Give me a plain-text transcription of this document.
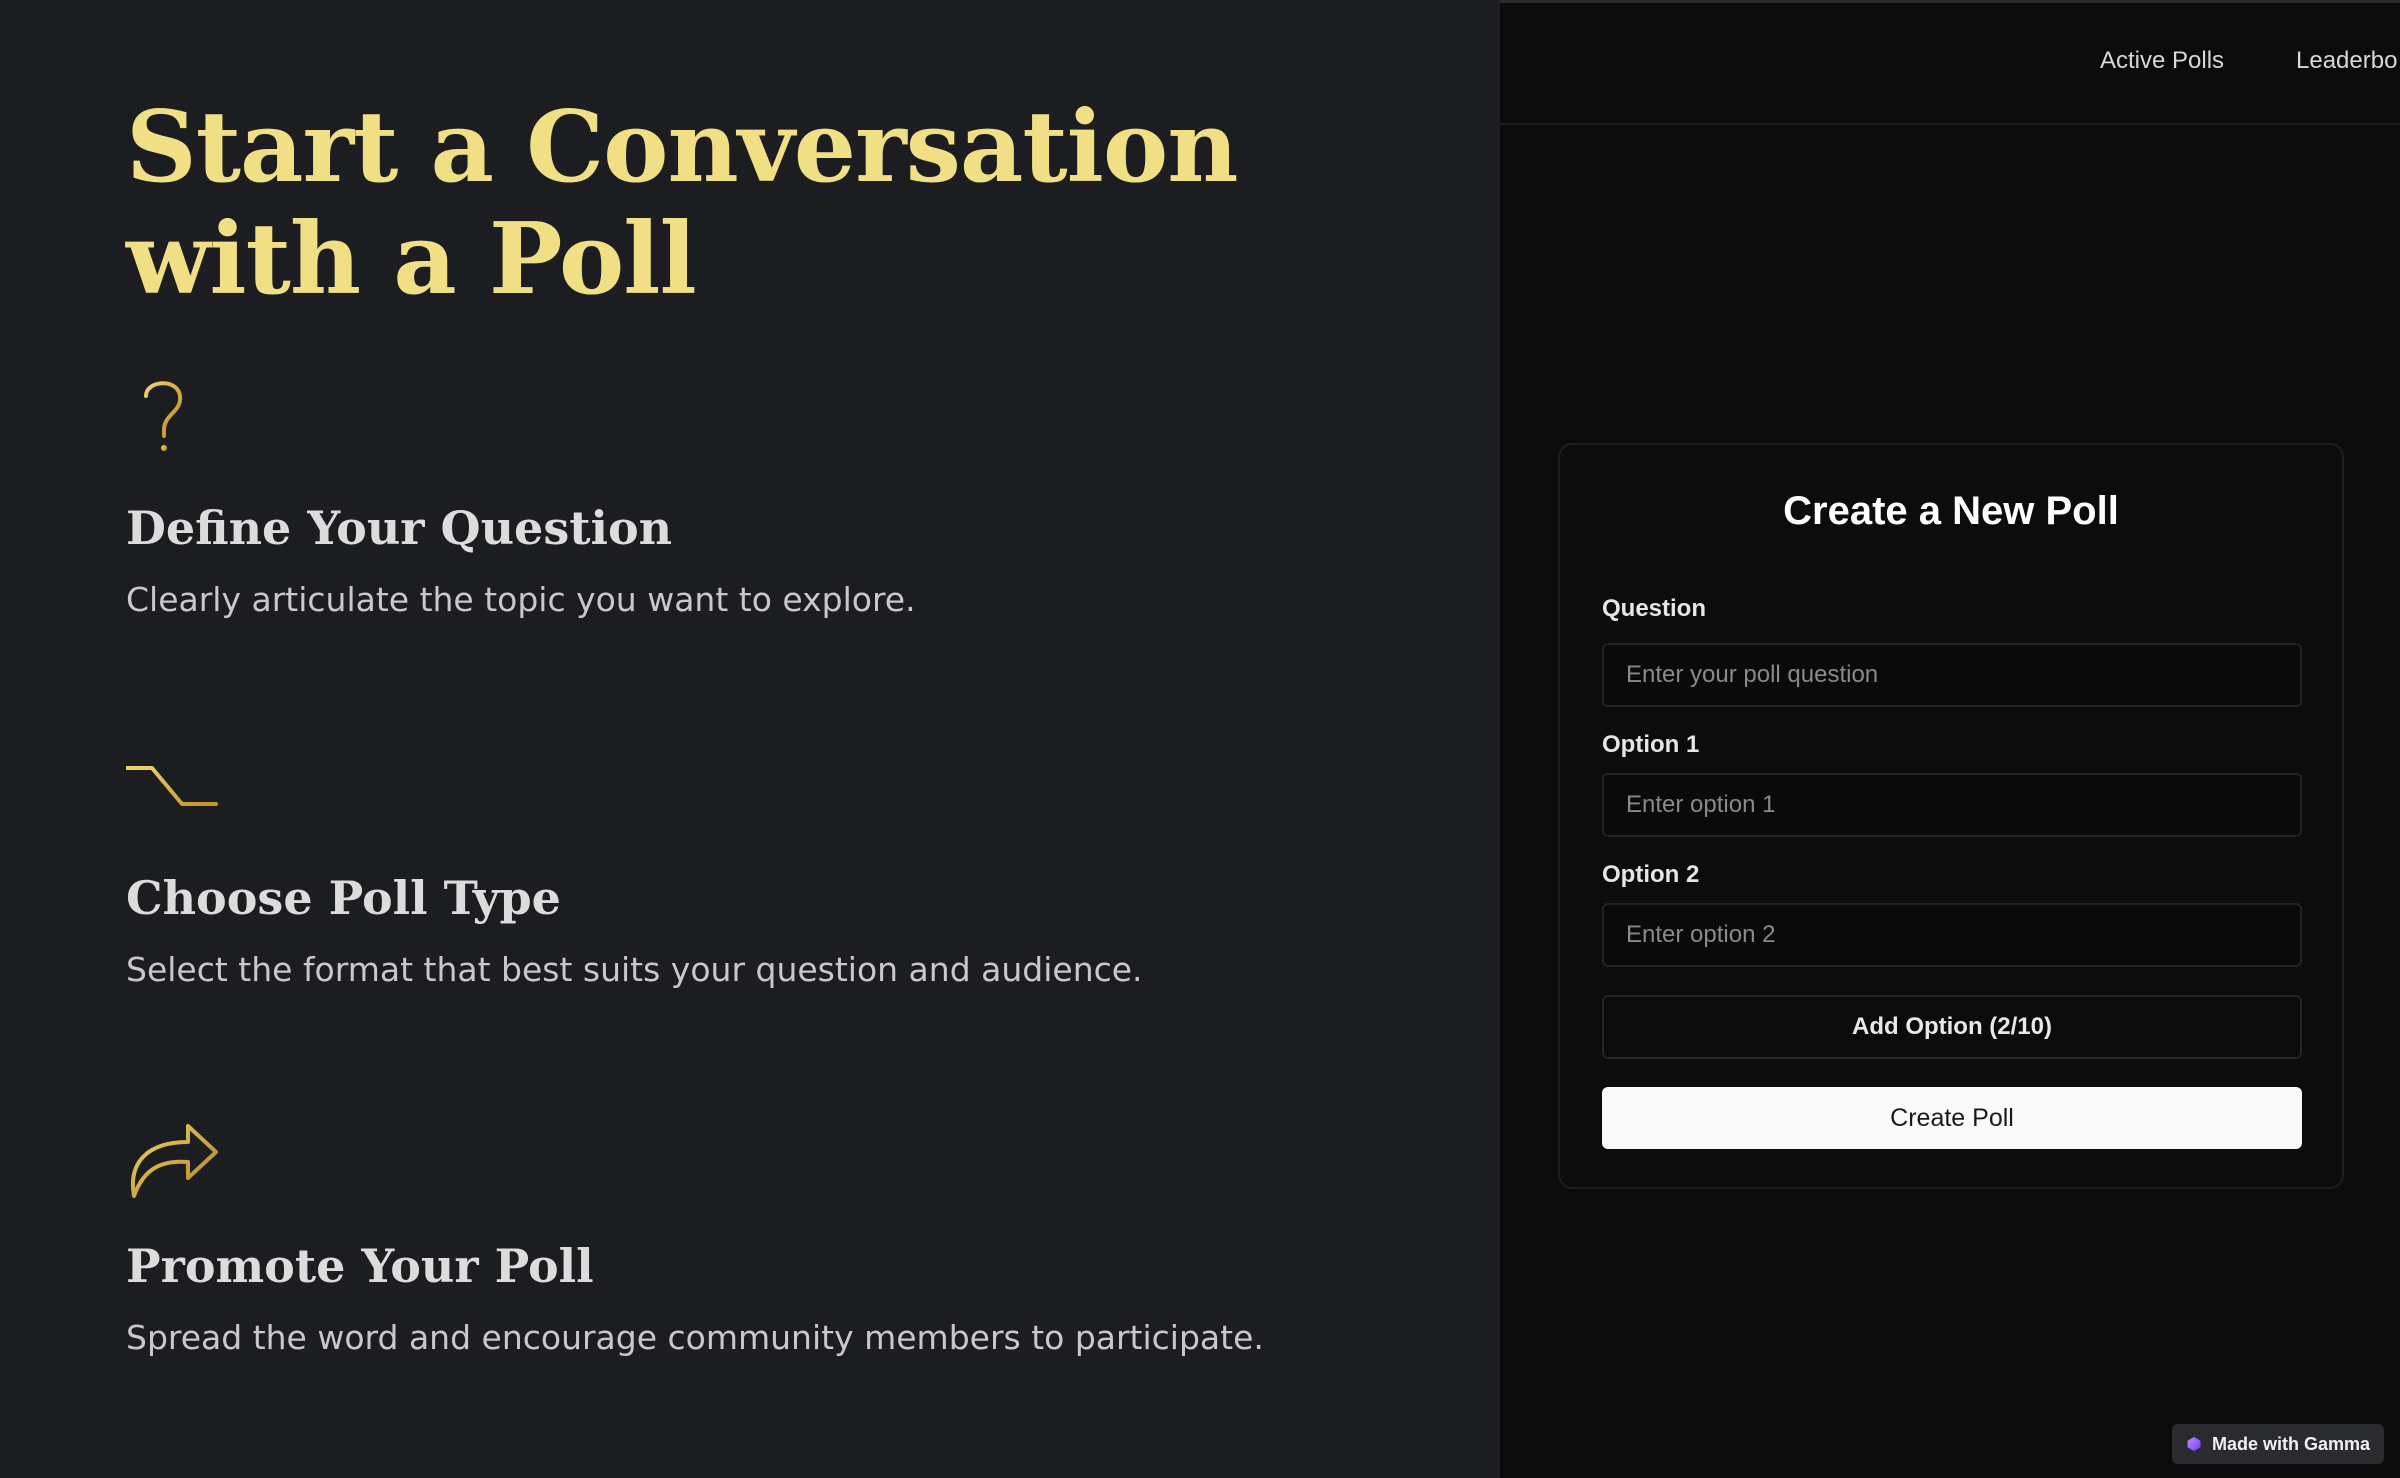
Start a Conversation with a Poll
Define Your Question

Clearly articulate the topic you want to explore.

Choose Poll Type

Select the format that best suits your question and audience.

Promote Your Poll

Spread the word and encourage community members to participate.

Active Polls	Leaderbo
Create a New Poll
Question
Enter your poll question
Option 1
Enter option 1
Option 2
Enter option 2
Add Option (2/10)
Create Poll
Made with Gamma
